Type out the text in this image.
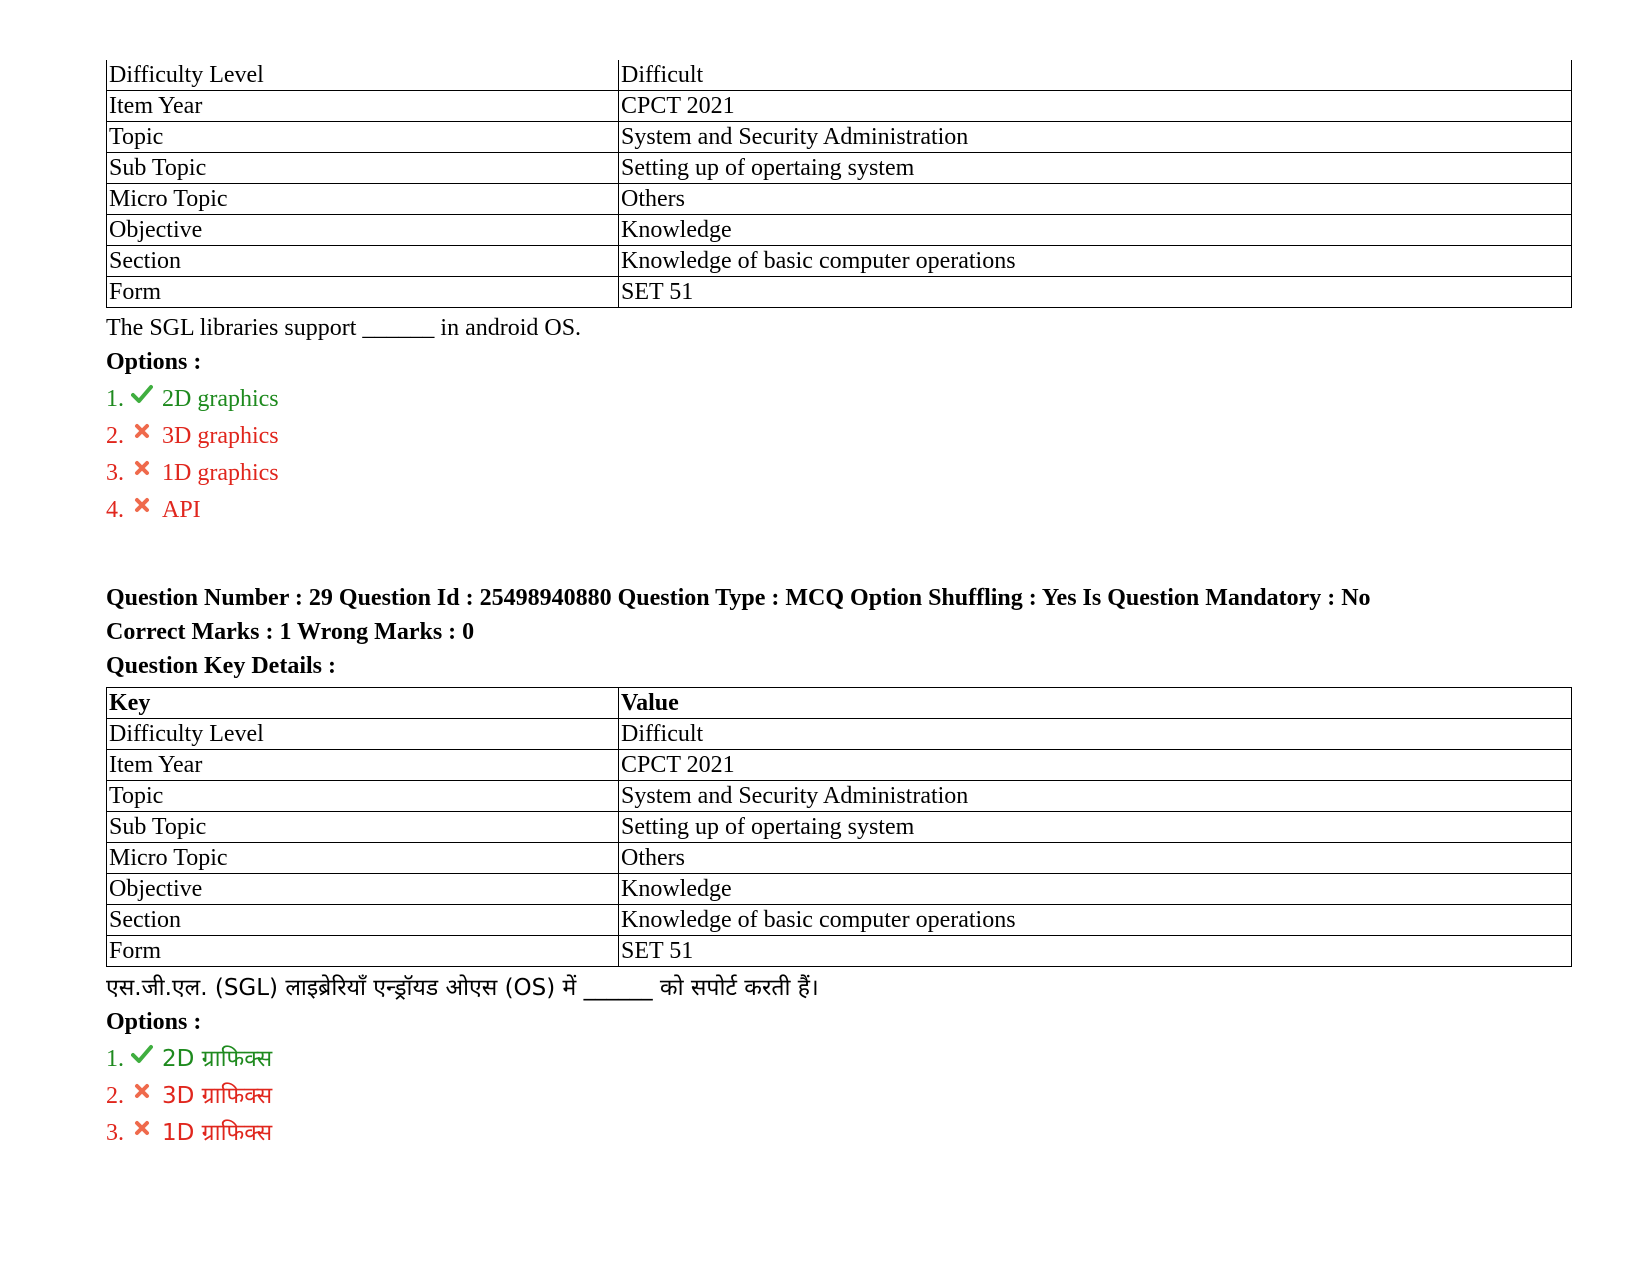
Difficulty Level	Difficult
Item Year	CPCT 2021
Topic	System and Security Administration
Sub Topic	Setting up of opertaing system
Micro Topic	Others
Objective	Knowledge
Section	Knowledge of basic computer operations
Form	SET 51
The SGL libraries support ______ in android OS.
Options :
1. 2D graphics
2. 3D graphics
3. 1D graphics
4. API
Question Number : 29 Question Id : 25498940880 Question Type : MCQ Option Shuffling : Yes Is Question Mandatory : No
Correct Marks : 1 Wrong Marks : 0
Question Key Details :
Key	Value
Difficulty Level	Difficult
Item Year	CPCT 2021
Topic	System and Security Administration
Sub Topic	Setting up of opertaing system
Micro Topic	Others
Objective	Knowledge
Section	Knowledge of basic computer operations
Form	SET 51
एस.जी.एल. (SGL) लाइब्रेरियाँ एन्ड्रॉयड ओएस (OS) में ______ को सपोर्ट करती हैं।
Options :
1. 2D ग्राफिक्स
2. 3D ग्राफिक्स
3. 1D ग्राफिक्स
